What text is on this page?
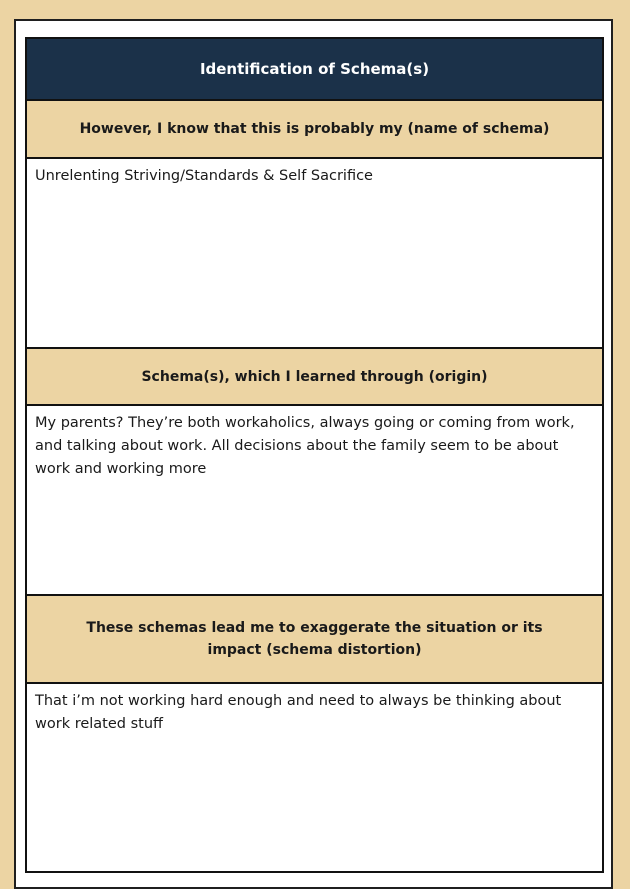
Identification of Schema(s)
However, I know that this is probably my (name of schema)
Unrelenting Striving/Standards & Self Sacrifice
Schema(s), which I learned through (origin)
My parents? They’re both workaholics, always going or coming from work, and talking about work. All decisions about the family seem to be about work and working more
These schemas lead me to exaggerate the situation or its impact (schema distortion)
That i’m not working hard enough and need to always be thinking about work related stuff
